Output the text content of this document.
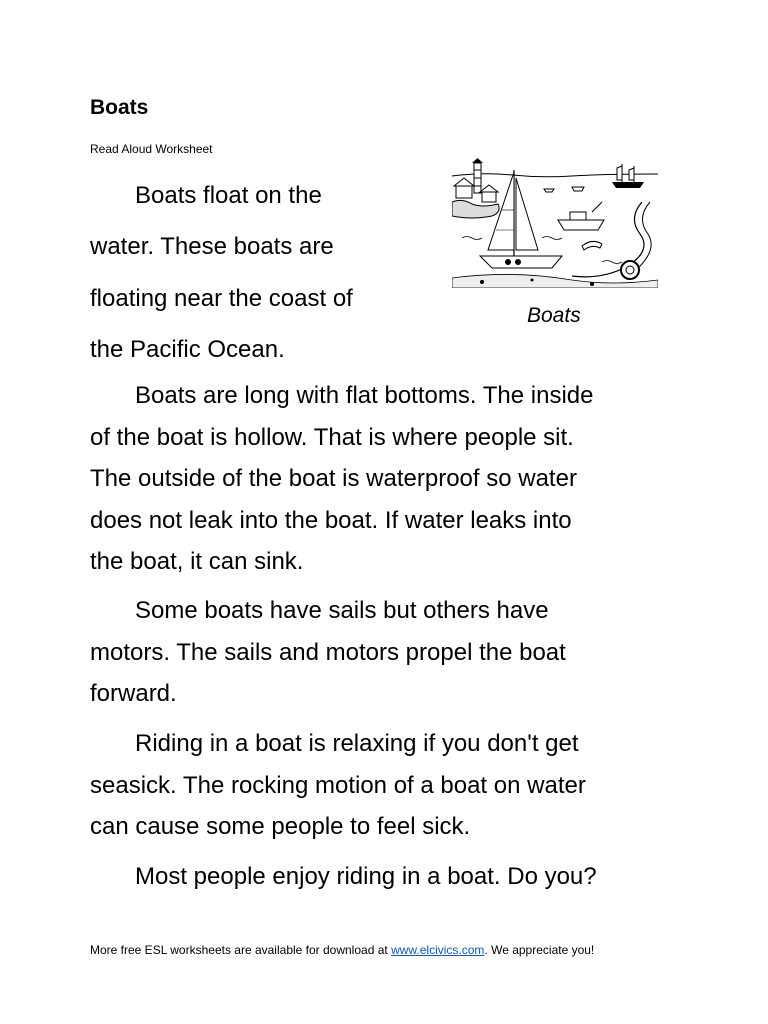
Boats
Read Aloud Worksheet
Boats float on the
water. These boats are
floating near the coast of
the Pacific Ocean.
Boats
Boats are long with flat bottoms. The inside
of the boat is hollow. That is where people sit.
The outside of the boat is waterproof so water
does not leak into the boat. If water leaks into
the boat, it can sink.
Some boats have sails but others have
motors. The sails and motors propel the boat
forward.
Riding in a boat is relaxing if you don't get
seasick. The rocking motion of a boat on water
can cause some people to feel sick.
Most people enjoy riding in a boat. Do you?
More free ESL worksheets are available for download at www.elcivics.com. We appreciate you!
